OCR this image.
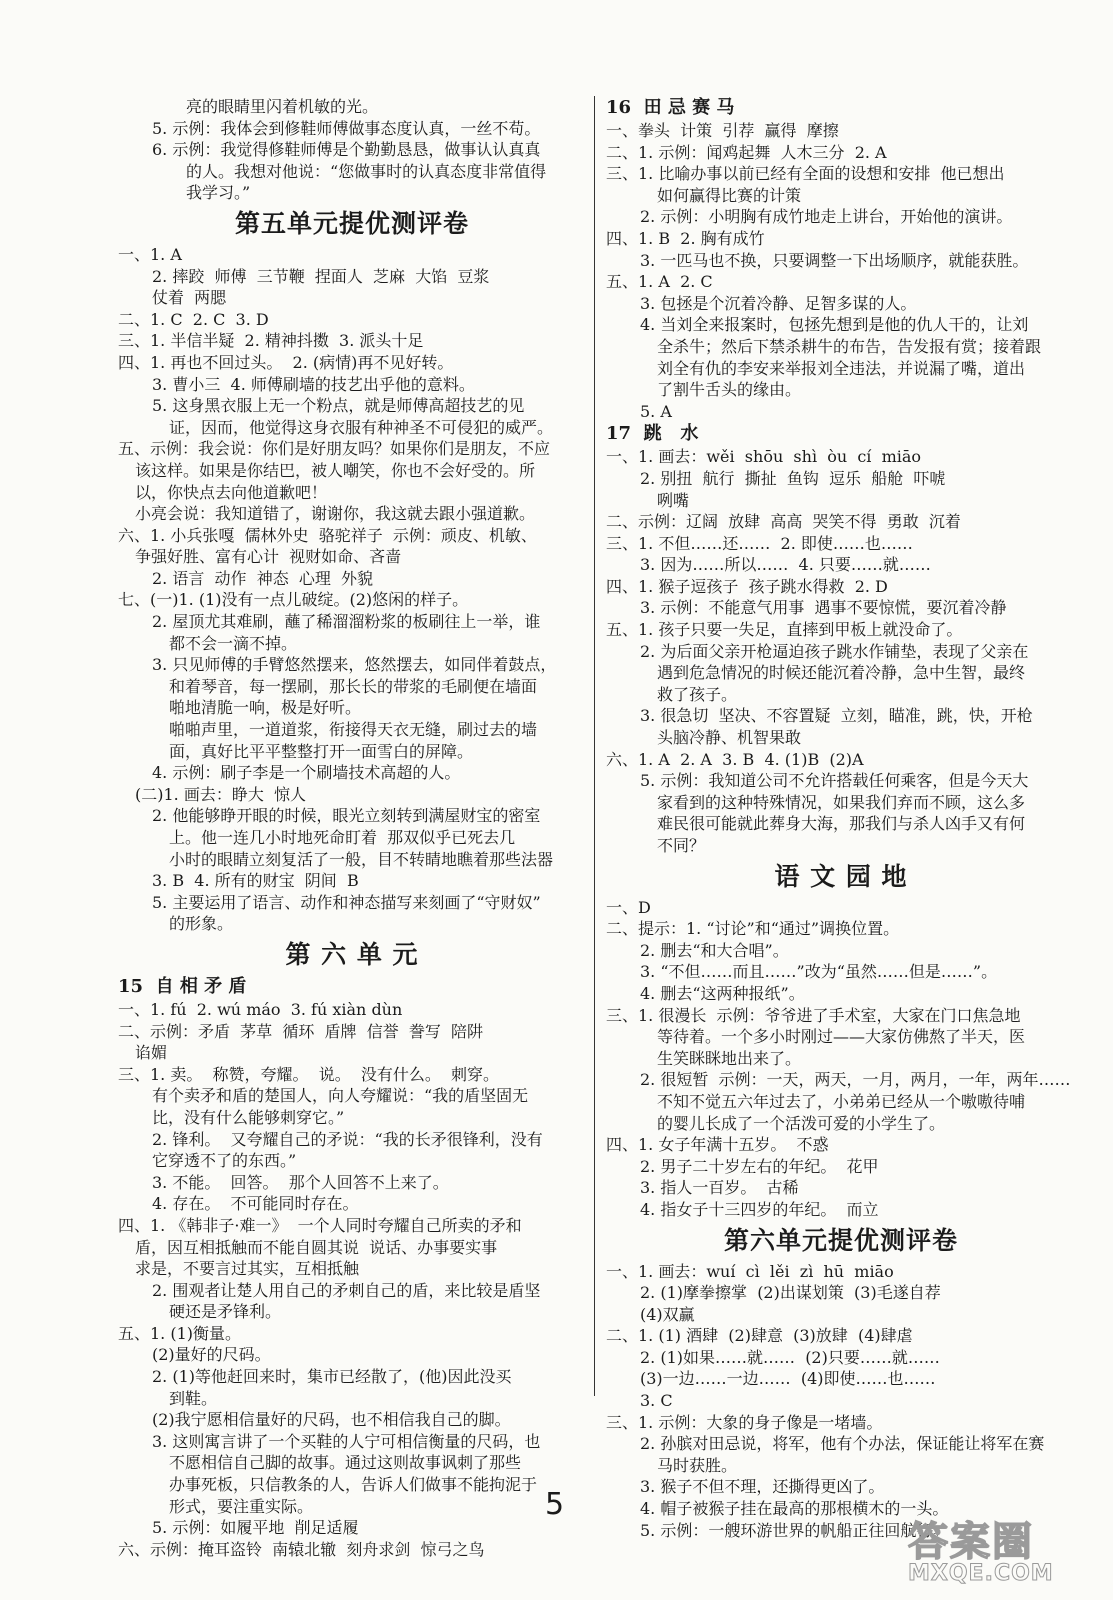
亮的眼睛里闪着机敏的光。
5. 示例：我体会到修鞋师傅做事态度认真，一丝不苟。
6. 示例：我觉得修鞋师傅是个勤勤恳恳，做事认认真真
的人。我想对他说：“您做事时的认真态度非常值得
我学习。”
第五单元提优测评卷
一、1. A
2. 摔跤  师傅  三节鞭  捏面人  芝麻  大馅  豆浆
仗着  两腮
二、1. C  2. C  3. D
三、1. 半信半疑  2. 精神抖擞  3. 派头十足
四、1. 再也不回过头。  2. (病情)再不见好转。
3. 曹小三  4. 师傅刷墙的技艺出乎他的意料。
5. 这身黑衣服上无一个粉点，就是师傅高超技艺的见
证，因而，他觉得这身衣服有种神圣不可侵犯的威严。
五、示例：我会说：你们是好朋友吗？如果你们是朋友，不应
该这样。如果是你结巴，被人嘲笑，你也不会好受的。所
以，你快点去向他道歉吧！
小亮会说：我知道错了，谢谢你，我这就去跟小强道歉。
六、1. 小兵张嘎  儒林外史  骆驼祥子  示例：顽皮、机敏、
争强好胜、富有心计  视财如命、吝啬
2. 语言  动作  神态  心理  外貌
七、(一)1. (1)没有一点儿破绽。(2)悠闲的样子。
2. 屋顶尤其难刷，蘸了稀溜溜粉浆的板刷往上一举，谁
都不会一滴不掉。
3. 只见师傅的手臂悠然摆来，悠然摆去，如同伴着鼓点，
和着琴音，每一摆刷，那长长的带浆的毛刷便在墙面
啪地清脆一响，极是好听。
啪啪声里，一道道浆，衔接得天衣无缝，刷过去的墙
面，真好比平平整整打开一面雪白的屏障。
4. 示例：刷子李是一个刷墙技术高超的人。
(二)1. 画去：睁大  惊人
2. 他能够睁开眼的时候，眼光立刻转到满屋财宝的密室
上。他一连几小时地死命盯着  那双似乎已死去几
小时的眼睛立刻复活了一般，目不转睛地瞧着那些法器
3. B  4. 所有的财宝  阴间  B
5. 主要运用了语言、动作和神态描写来刻画了“守财奴”
的形象。
第 六 单 元
15  自 相 矛 盾
一、1. fú  2. wú máo  3. fú xiàn dùn
二、示例：矛盾  茅草  循环  盾牌  信誉  誊写  陪阱
谄媚
三、1. 卖。  称赞，夸耀。  说。  没有什么。  刺穿。
有个卖矛和盾的楚国人，向人夸耀说：“我的盾坚固无
比，没有什么能够刺穿它。”
2. 锋利。  又夸耀自己的矛说：“我的长矛很锋利，没有
它穿透不了的东西。”
3. 不能。  回答。  那个人回答不上来了。
4. 存在。  不可能同时存在。
四、1. 《韩非子·难一》  一个人同时夸耀自己所卖的矛和
盾，因互相抵触而不能自圆其说  说话、办事要实事
求是，不要言过其实，互相抵触
2. 围观者让楚人用自己的矛刺自己的盾，来比较是盾坚
硬还是矛锋利。
五、1. (1)衡量。
(2)量好的尺码。
2. (1)等他赶回来时，集市已经散了，(他)因此没买
到鞋。
(2)我宁愿相信量好的尺码，也不相信我自己的脚。
3. 这则寓言讲了一个买鞋的人宁可相信衡量的尺码，也
不愿相信自己脚的故事。通过这则故事讽刺了那些
办事死板，只信教条的人，告诉人们做事不能拘泥于
形式，要注重实际。
5. 示例：如履平地  削足适履
六、示例：掩耳盗铃  南辕北辙  刻舟求剑  惊弓之鸟
16  田 忌 赛 马
一、拳头  计策  引荐  赢得  摩擦
二、1. 示例：闻鸡起舞  人木三分  2. A
三、1. 比喻办事以前已经有全面的设想和安排  他已想出
如何赢得比赛的计策
2. 示例：小明胸有成竹地走上讲台，开始他的演讲。
四、1. B  2. 胸有成竹
3. 一匹马也不换，只要调整一下出场顺序，就能获胜。
五、1. A  2. C
3. 包拯是个沉着冷静、足智多谋的人。
4. 当刘全来报案时，包拯先想到是他的仇人干的，让刘
全杀牛；然后下禁杀耕牛的布告，告发报有赏；接着跟
刘全有仇的李安来举报刘全违法，并说漏了嘴，道出
了割牛舌头的缘由。
5. A
17  跳   水
一、1. 画去：wěi  shōu  shì  òu  cí  miāo
2. 别扭  航行  撕扯  鱼钩  逗乐  船舱  吓唬
咧嘴
二、示例：辽阔  放肆  高高  哭笑不得  勇敢  沉着
三、1. 不但……还……  2. 即使……也……
3. 因为……所以……  4. 只要……就……
四、1. 猴子逗孩子  孩子跳水得救  2. D
3. 示例：不能意气用事  遇事不要惊慌，要沉着冷静
五、1. 孩子只要一失足，直摔到甲板上就没命了。
2. 为后面父亲开枪逼迫孩子跳水作铺垫，表现了父亲在
遇到危急情况的时候还能沉着冷静，急中生智，最终
救了孩子。
3. 很急切  坚决、不容置疑  立刻，瞄准，跳，快，开枪
头脑冷静、机智果敢
六、1. A  2. A  3. B  4. (1)B  (2)A
5. 示例：我知道公司不允许搭载任何乘客，但是今天大
家看到的这种特殊情况，如果我们弃而不顾，这么多
难民很可能就此葬身大海，那我们与杀人凶手又有何
不同？
语 文 园 地
一、D
二、提示：1. “讨论”和“通过”调换位置。
2. 删去“和大合唱”。
3. “不但……而且……”改为“虽然……但是……”。
4. 删去“这两种报纸”。
三、1. 很漫长  示例：爷爷进了手术室，大家在门口焦急地
等待着。一个多小时刚过——大家仿佛熬了半天，医
生笑眯眯地出来了。
2. 很短暂  示例：一天，两天，一月，两月，一年，两年……
不知不觉五六年过去了，小弟弟已经从一个嗷嗷待哺
的婴儿长成了一个活泼可爱的小学生了。
四、1. 女子年满十五岁。  不惑
2. 男子二十岁左右的年纪。  花甲
3. 指人一百岁。  古稀
4. 指女子十三四岁的年纪。  而立
第六单元提优测评卷
一、1. 画去：wuí  cì  lěi  zì  hū  miāo
2. (1)摩拳擦掌  (2)出谋划策  (3)毛遂自荐
(4)双赢
二、1. (1) 酒肆  (2)肆意  (3)放肆  (4)肆虐
2. (1)如果……就……  (2)只要……就……
(3)一边……一边……  (4)即使……也……
3. C
三、1. 示例：大象的身子像是一堵墙。
2. 孙膑对田忌说，将军，他有个办法，保证能让将军在赛
马时获胜。
3. 猴子不但不理，还撕得更凶了。
4. 帽子被猴子挂在最高的那根横木的一头。
5. 示例：一艘环游世界的帆船正往回航行。
5
答案圈
MXQE.COM
